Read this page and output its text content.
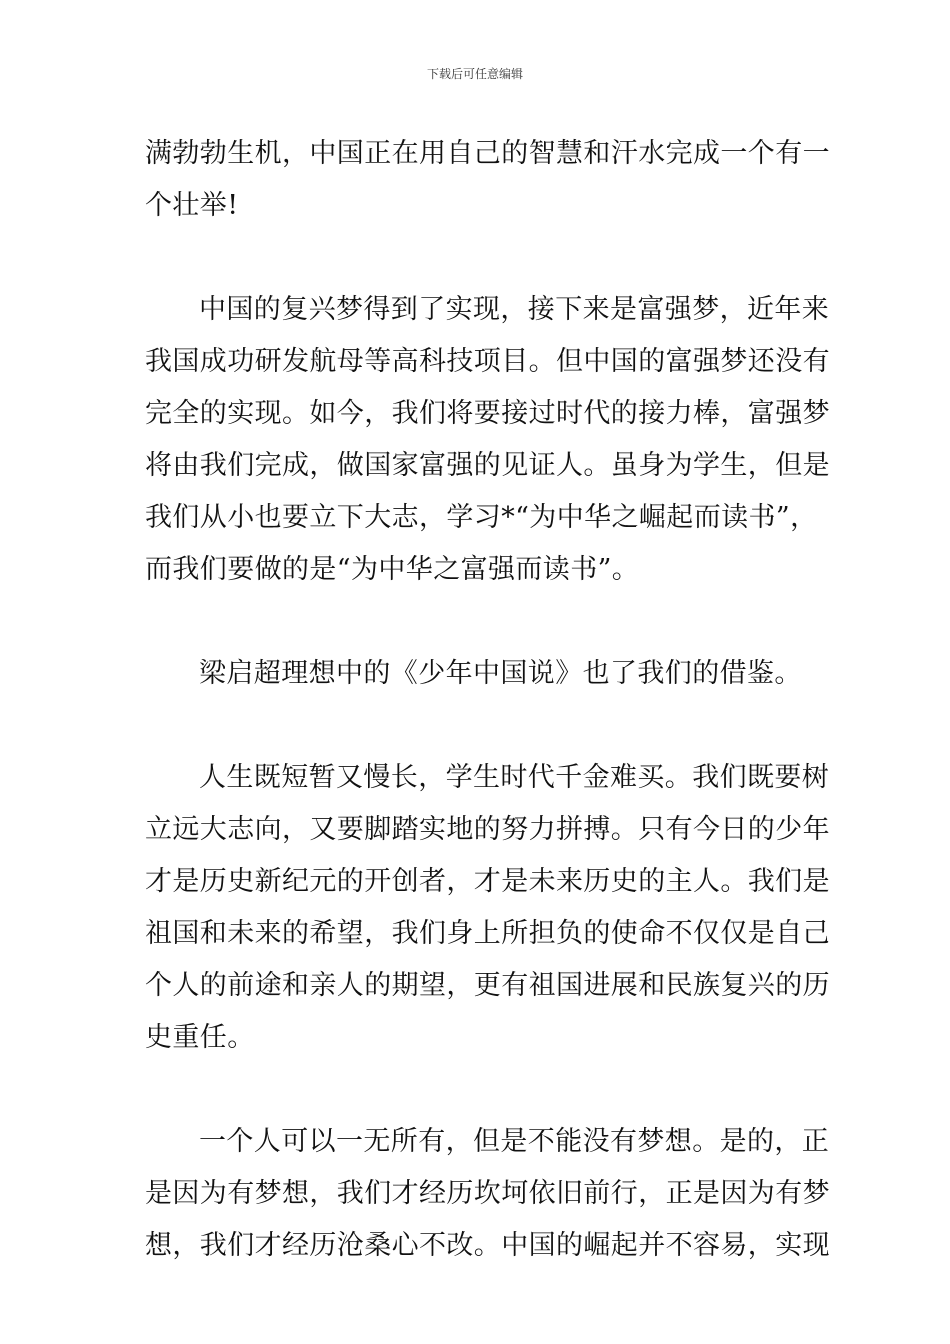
下载后可任意编辑
满勃勃生机，中国正在用自己的智慧和汗水完成一个有一
个壮举!
中国的复兴梦得到了实现，接下来是富强梦，近年来
我国成功研发航母等高科技项目。但中国的富强梦还没有
完全的实现。如今，我们将要接过时代的接力棒，富强梦
将由我们完成，做国家富强的见证人。虽身为学生，但是
我们从小也要立下大志，学习*“为中华之崛起而读书”，
而我们要做的是“为中华之富强而读书”。
梁启超理想中的《少年中国说》也了我们的借鉴。
人生既短暂又慢长，学生时代千金难买。我们既要树
立远大志向，又要脚踏实地的努力拼搏。只有今日的少年
才是历史新纪元的开创者，才是未来历史的主人。我们是
祖国和未来的希望，我们身上所担负的使命不仅仅是自己
个人的前途和亲人的期望，更有祖国进展和民族复兴的历
史重任。
一个人可以一无所有，但是不能没有梦想。是的，正
是因为有梦想，我们才经历坎坷依旧前行，正是因为有梦
想，我们才经历沧桑心不改。中国的崛起并不容易，实现
